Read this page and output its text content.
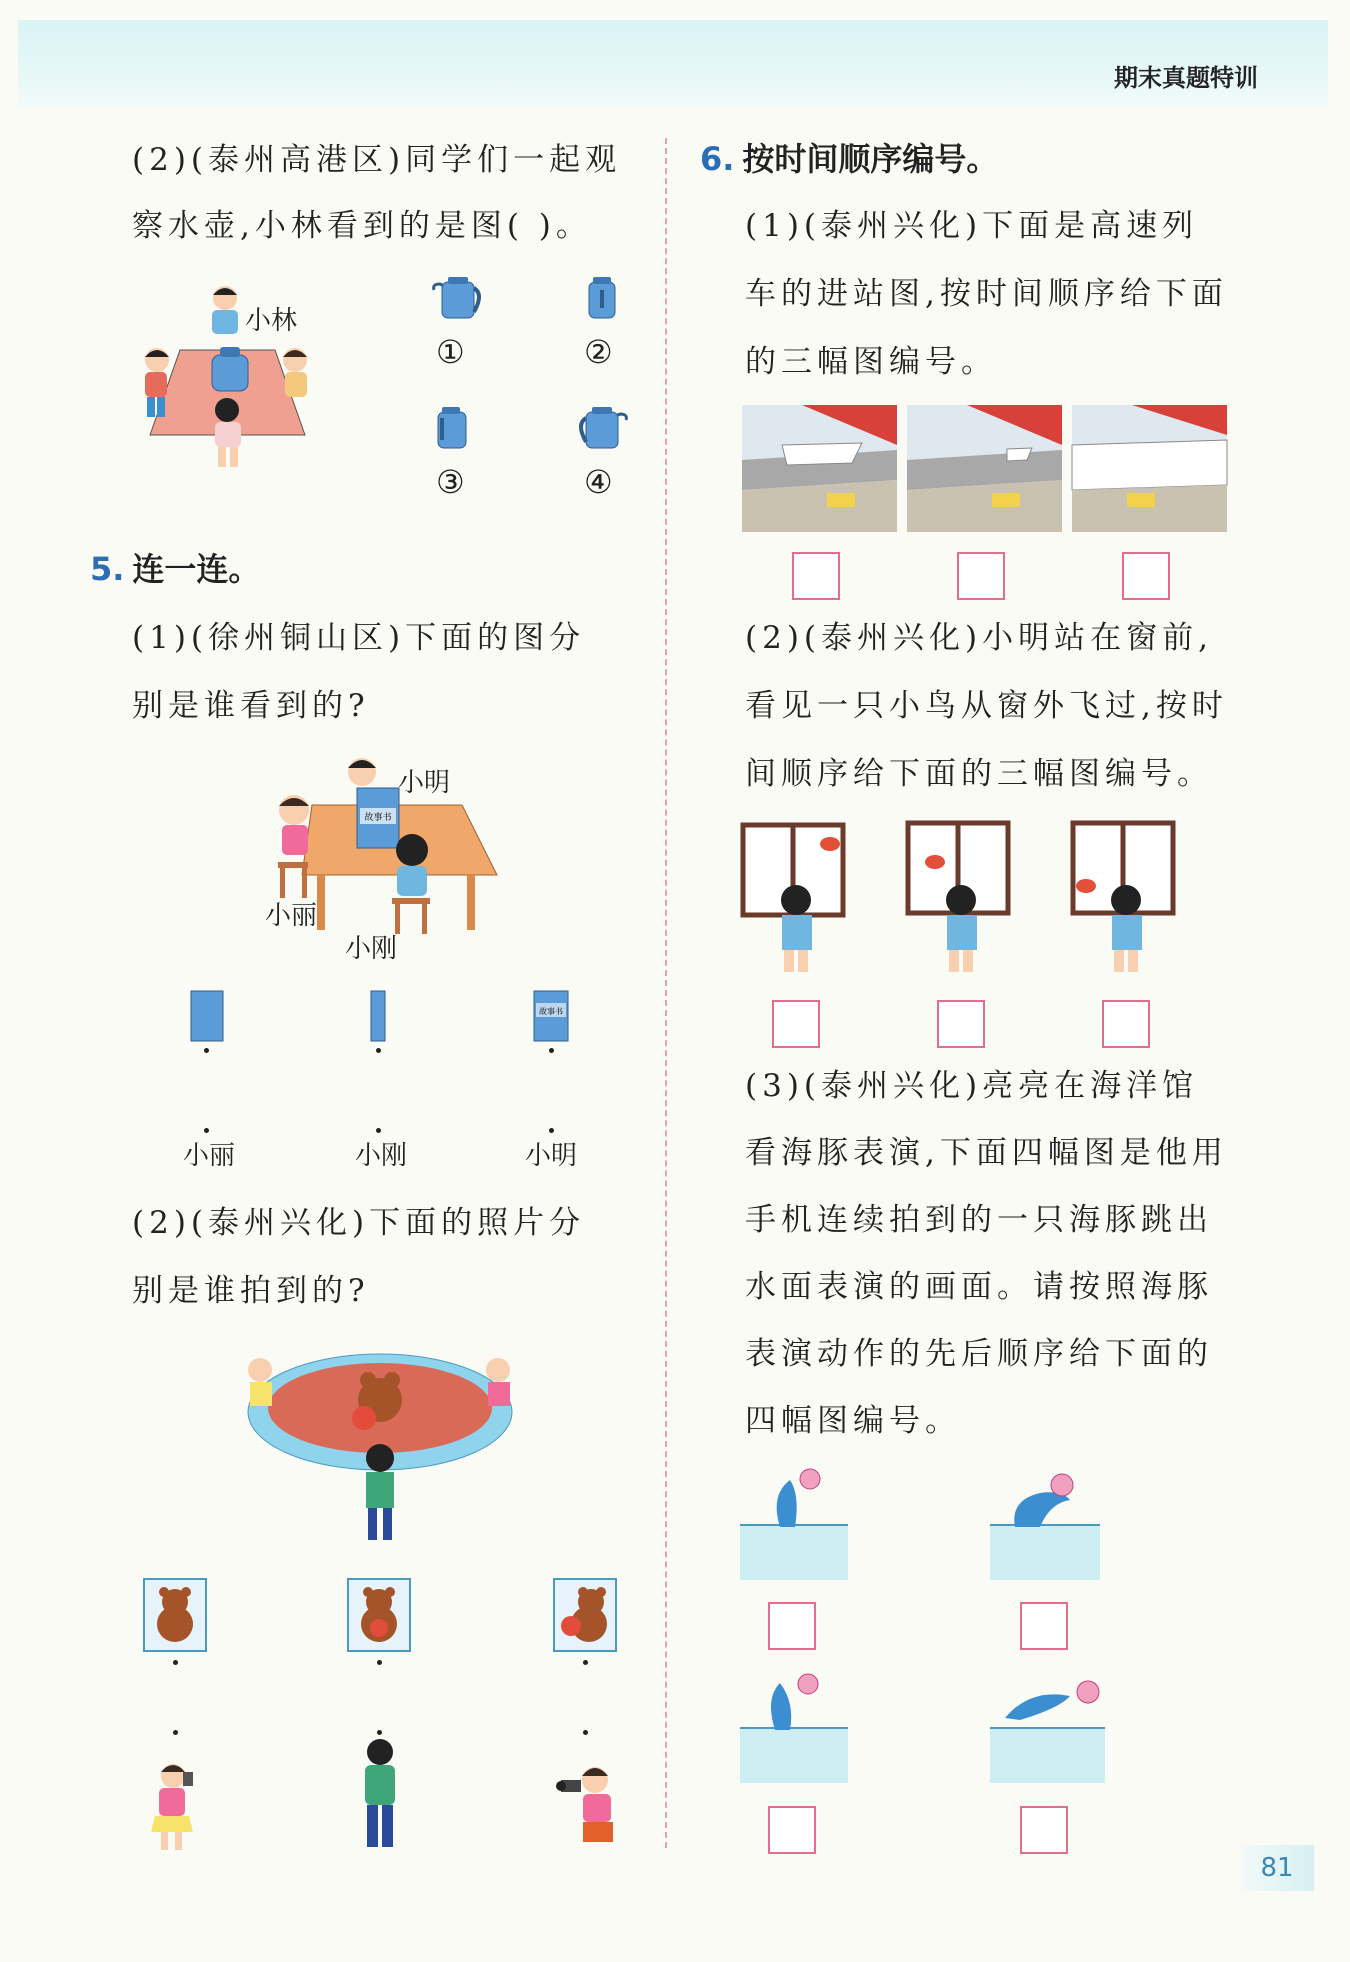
期末真题特训
(2)(泰州高港区)同学们一起观
察水壶,小林看到的是图( )。
小林
①	②
③	④
5. 连一连。
(1)(徐州铜山区)下面的图分
别是谁看到的?
故事书
小明
小丽
小刚
故事书
小丽	小刚	小明
(2)(泰州兴化)下面的照片分
别是谁拍到的?
6. 按时间顺序编号。
(1)(泰州兴化)下面是高速列
车的进站图,按时间顺序给下面
的三幅图编号。
(2)(泰州兴化)小明站在窗前,
看见一只小鸟从窗外飞过,按时
间顺序给下面的三幅图编号。
(3)(泰州兴化)亮亮在海洋馆
看海豚表演,下面四幅图是他用
手机连续拍到的一只海豚跳出
水面表演的画面。请按照海豚
表演动作的先后顺序给下面的
四幅图编号。
81
